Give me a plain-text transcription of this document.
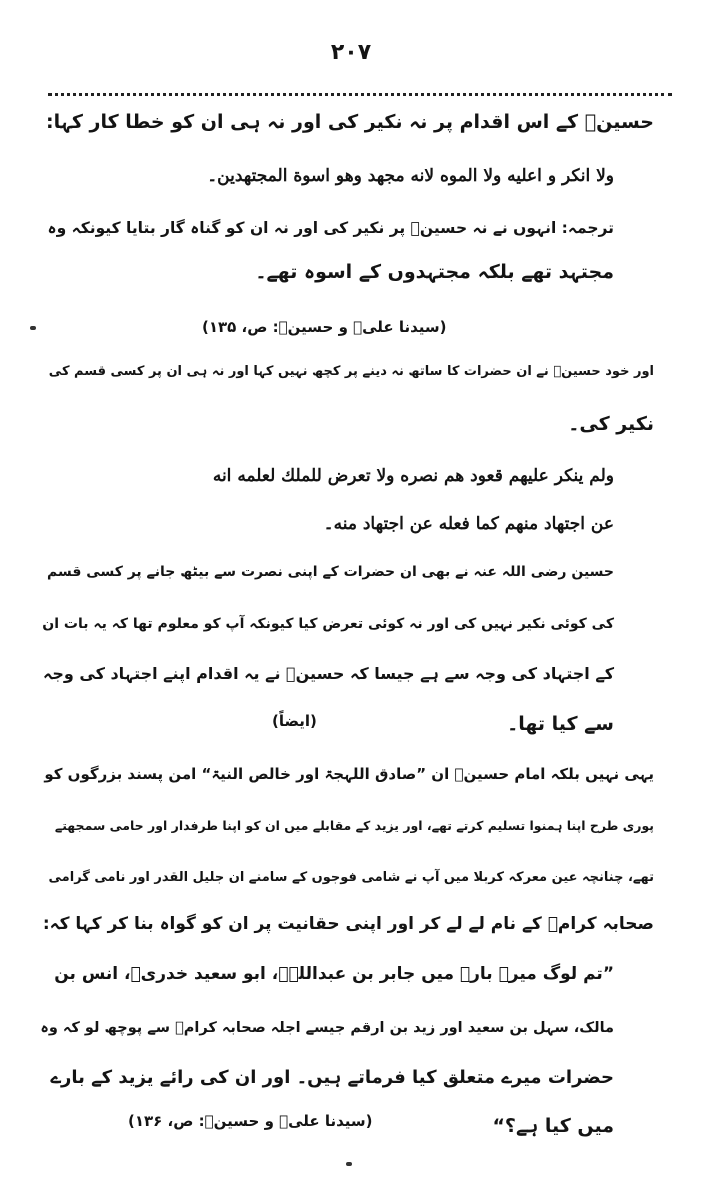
۲۰۷
حسینؓ کے اس اقدام پر نہ نکیر کی اور نہ ہی ان کو خطا کار کہا:
ولا انكر و اعليه ولا الموه لانه مجهد وهو اسوة المجتهدين۔
ترجمہ: انہوں نے نہ حسینؓ پر نکیر کی اور نہ ان کو گناہ گار بتایا کیونکہ وہ
مجتہد تھے بلکہ مجتہدوں کے اسوہ تھے۔
(سیدنا علیؓ و حسینؓ: ص، ۱۳۵)
اور خود حسینؓ نے ان حضرات کا ساتھ نہ دینے پر کچھ نہیں کہا اور نہ ہی ان پر کسی قسم کی
نکیر کی۔
ولم ينكر عليهم قعود هم نصره ولا تعرض للملك لعلمه انه
عن اجتهاد منهم كما فعله عن اجتهاد منه۔
حسین رضی اللہ عنہ نے بھی ان حضرات کے اپنی نصرت سے بیٹھ جانے پر کسی قسم
کی کوئی نکیر نہیں کی اور نہ کوئی تعرض کیا کیونکہ آپ کو معلوم تھا کہ یہ بات ان
کے اجتہاد کی وجہ سے ہے جیسا کہ حسینؓ نے یہ اقدام اپنے اجتہاد کی وجہ
سے کیا تھا۔
(ایضاً)
یہی نہیں بلکہ امام حسینؓ ان ”صادق اللہجۃ اور خالص النیۃ“ امن پسند بزرگوں کو
پوری طرح اپنا ہمنوا تسلیم کرتے تھے، اور یزید کے مقابلے میں ان کو اپنا طرفدار اور حامی سمجھتے
تھے، چنانچہ عین معرکہ کربلا میں آپ نے شامی فوجوں کے سامنے ان جلیل القدر اور نامی گرامی
صحابہ کرامؓ کے نام لے لے کر اور اپنی حقانیت پر ان کو گواہ بنا کر کہا کہ:
”تم لوگ میرے بارے میں جابر بن عبداللہؓ، ابو سعید خدریؓ، انس بن
مالک، سہل بن سعید اور زید بن ارقم جیسے اجلہ صحابہ کرامؓ سے پوچھ لو کہ وہ
حضرات میرے متعلق کیا فرماتے ہیں۔ اور ان کی رائے یزید کے بارے
میں کیا ہے؟“
(سیدنا علیؓ و حسینؓ: ص، ۱۳۶)
